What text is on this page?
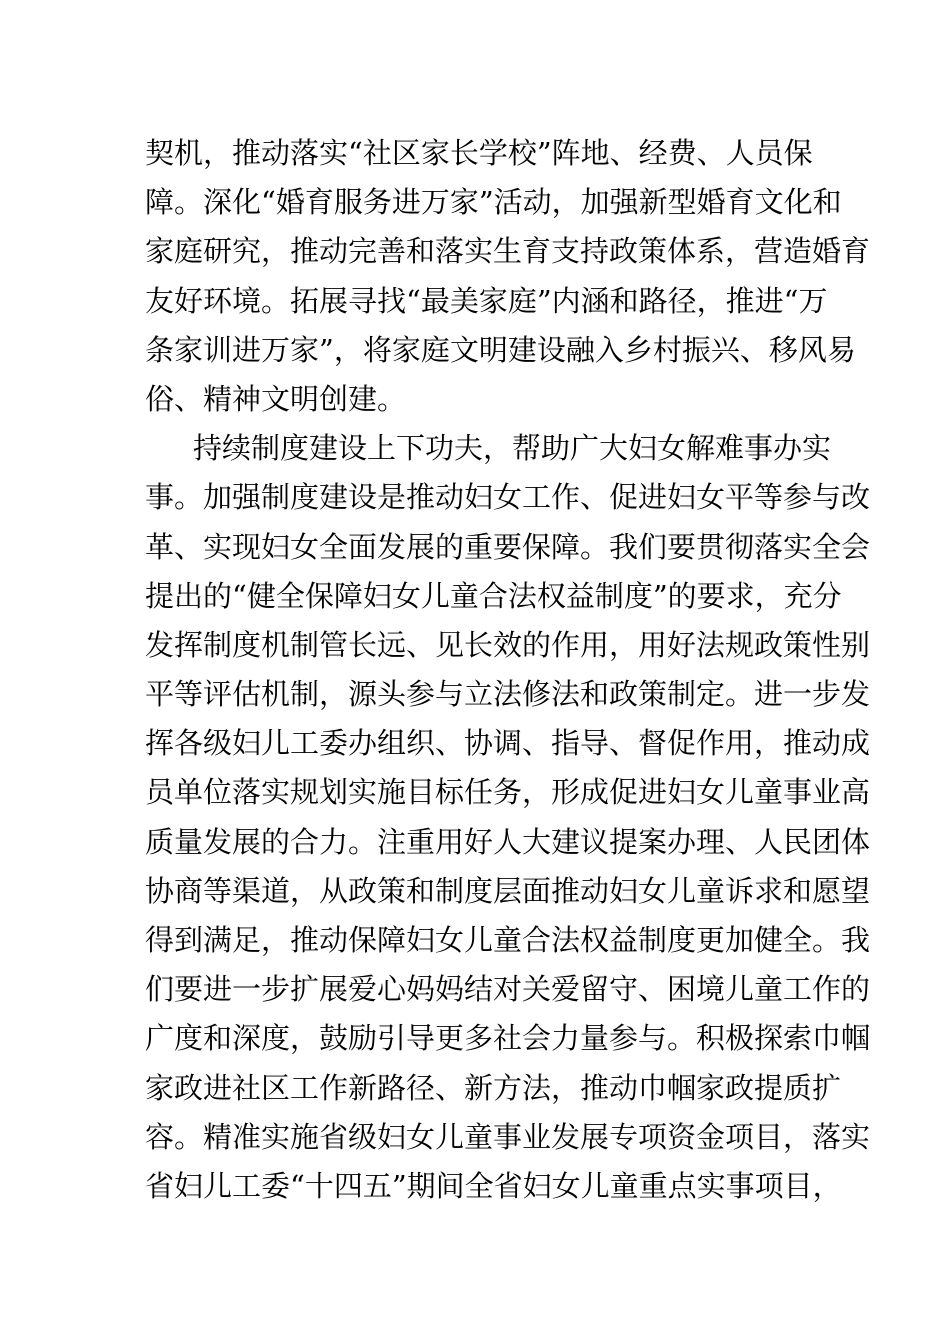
契机，推动落实“社区家长学校”阵地、经费、人员保
障。深化“婚育服务进万家”活动，加强新型婚育文化和
家庭研究，推动完善和落实生育支持政策体系，营造婚育
友好环境。拓展寻找“最美家庭”内涵和路径，推进“万
条家训进万家”，将家庭文明建设融入乡村振兴、移风易
俗、精神文明创建。
持续制度建设上下功夫，帮助广大妇女解难事办实
事。加强制度建设是推动妇女工作、促进妇女平等参与改
革、实现妇女全面发展的重要保障。我们要贯彻落实全会
提出的“健全保障妇女儿童合法权益制度”的要求，充分
发挥制度机制管长远、见长效的作用，用好法规政策性别
平等评估机制，源头参与立法修法和政策制定。进一步发
挥各级妇儿工委办组织、协调、指导、督促作用，推动成
员单位落实规划实施目标任务，形成促进妇女儿童事业高
质量发展的合力。注重用好人大建议提案办理、人民团体
协商等渠道，从政策和制度层面推动妇女儿童诉求和愿望
得到满足，推动保障妇女儿童合法权益制度更加健全。我
们要进一步扩展爱心妈妈结对关爱留守、困境儿童工作的
广度和深度，鼓励引导更多社会力量参与。积极探索巾帼
家政进社区工作新路径、新方法，推动巾帼家政提质扩
容。精准实施省级妇女儿童事业发展专项资金项目，落实
省妇儿工委“十四五”期间全省妇女儿童重点实事项目，
